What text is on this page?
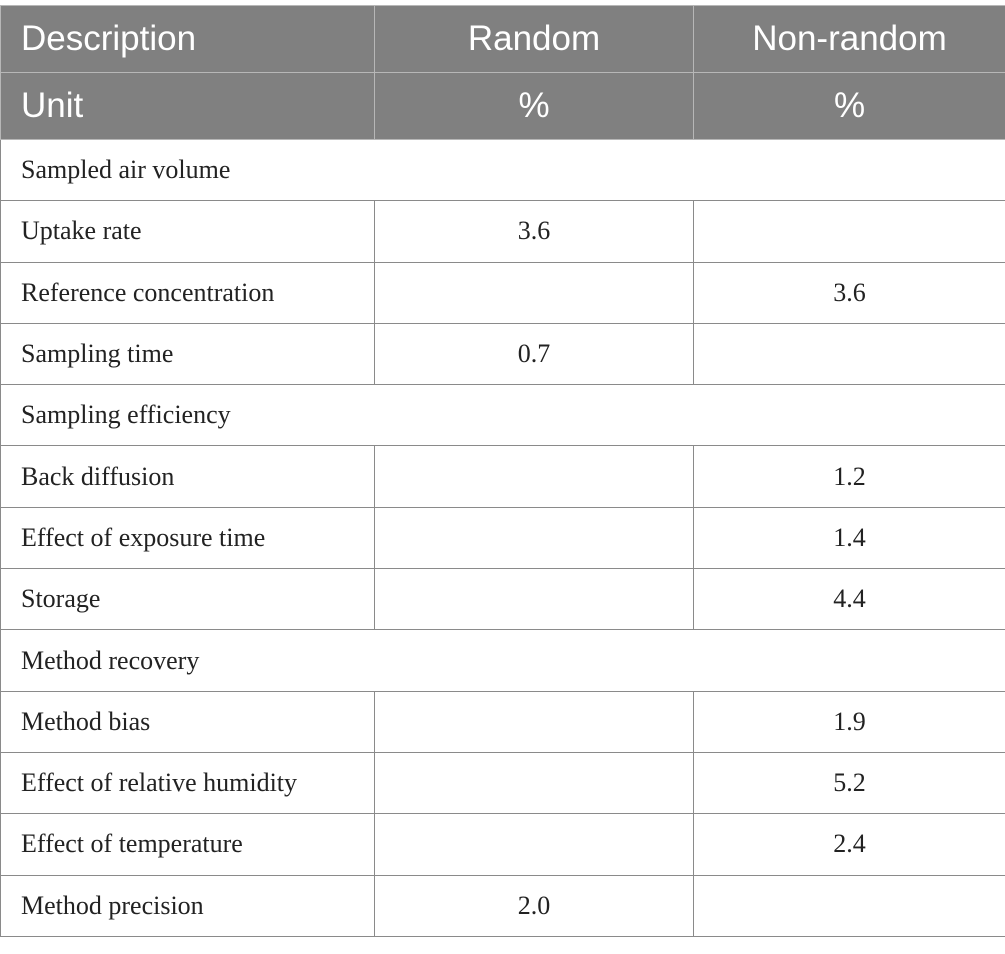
Description	Random	Non-random
Unit	%	%
Sampled air volume		
Uptake rate	3.6	
Reference concentration		3.6
Sampling time	0.7	
Sampling efficiency		
Back diffusion		1.2
Effect of exposure time		1.4
Storage		4.4
Method recovery		
Method bias		1.9
Effect of relative humidity		5.2
Effect of temperature		2.4
Method precision	2.0	
